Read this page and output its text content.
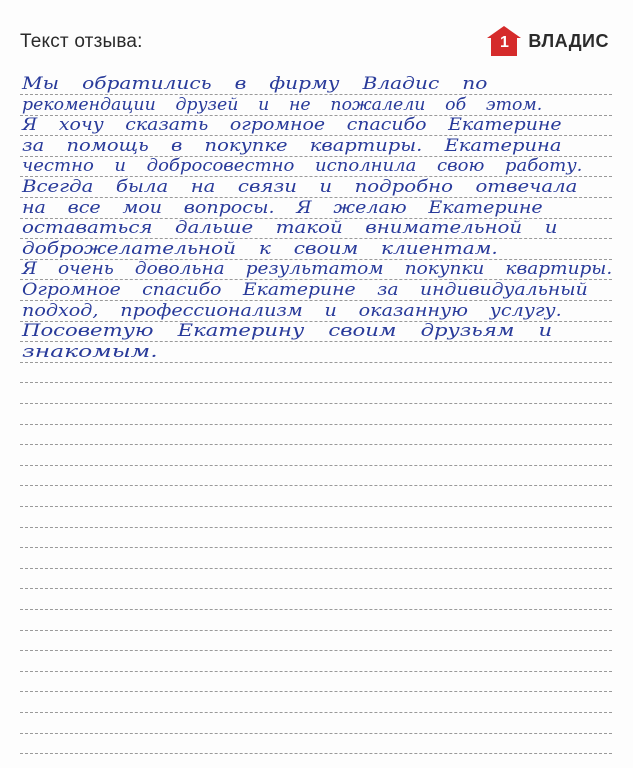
Текст отзыва:	1	ВЛАДИС
Мы обратились в фирму Владис по
рекомендации друзей и не пожалели об этом.
Я хочу сказать огромное спасибо Екатерине
за помощь в покупке квартиры. Екатерина
честно и добросовестно исполнила свою работу.
Всегда была на связи и подробно отвечала
на все мои вопросы. Я желаю Екатерине
оставаться дальше такой внимательной и
доброжелательной к своим клиентам.
Я очень довольна результатом покупки квартиры.
Огромное спасибо Екатерине за индивидуальный
подход, профессионализм и оказанную услугу.
Посоветую Екатерину своим друзьям и
знакомым.
